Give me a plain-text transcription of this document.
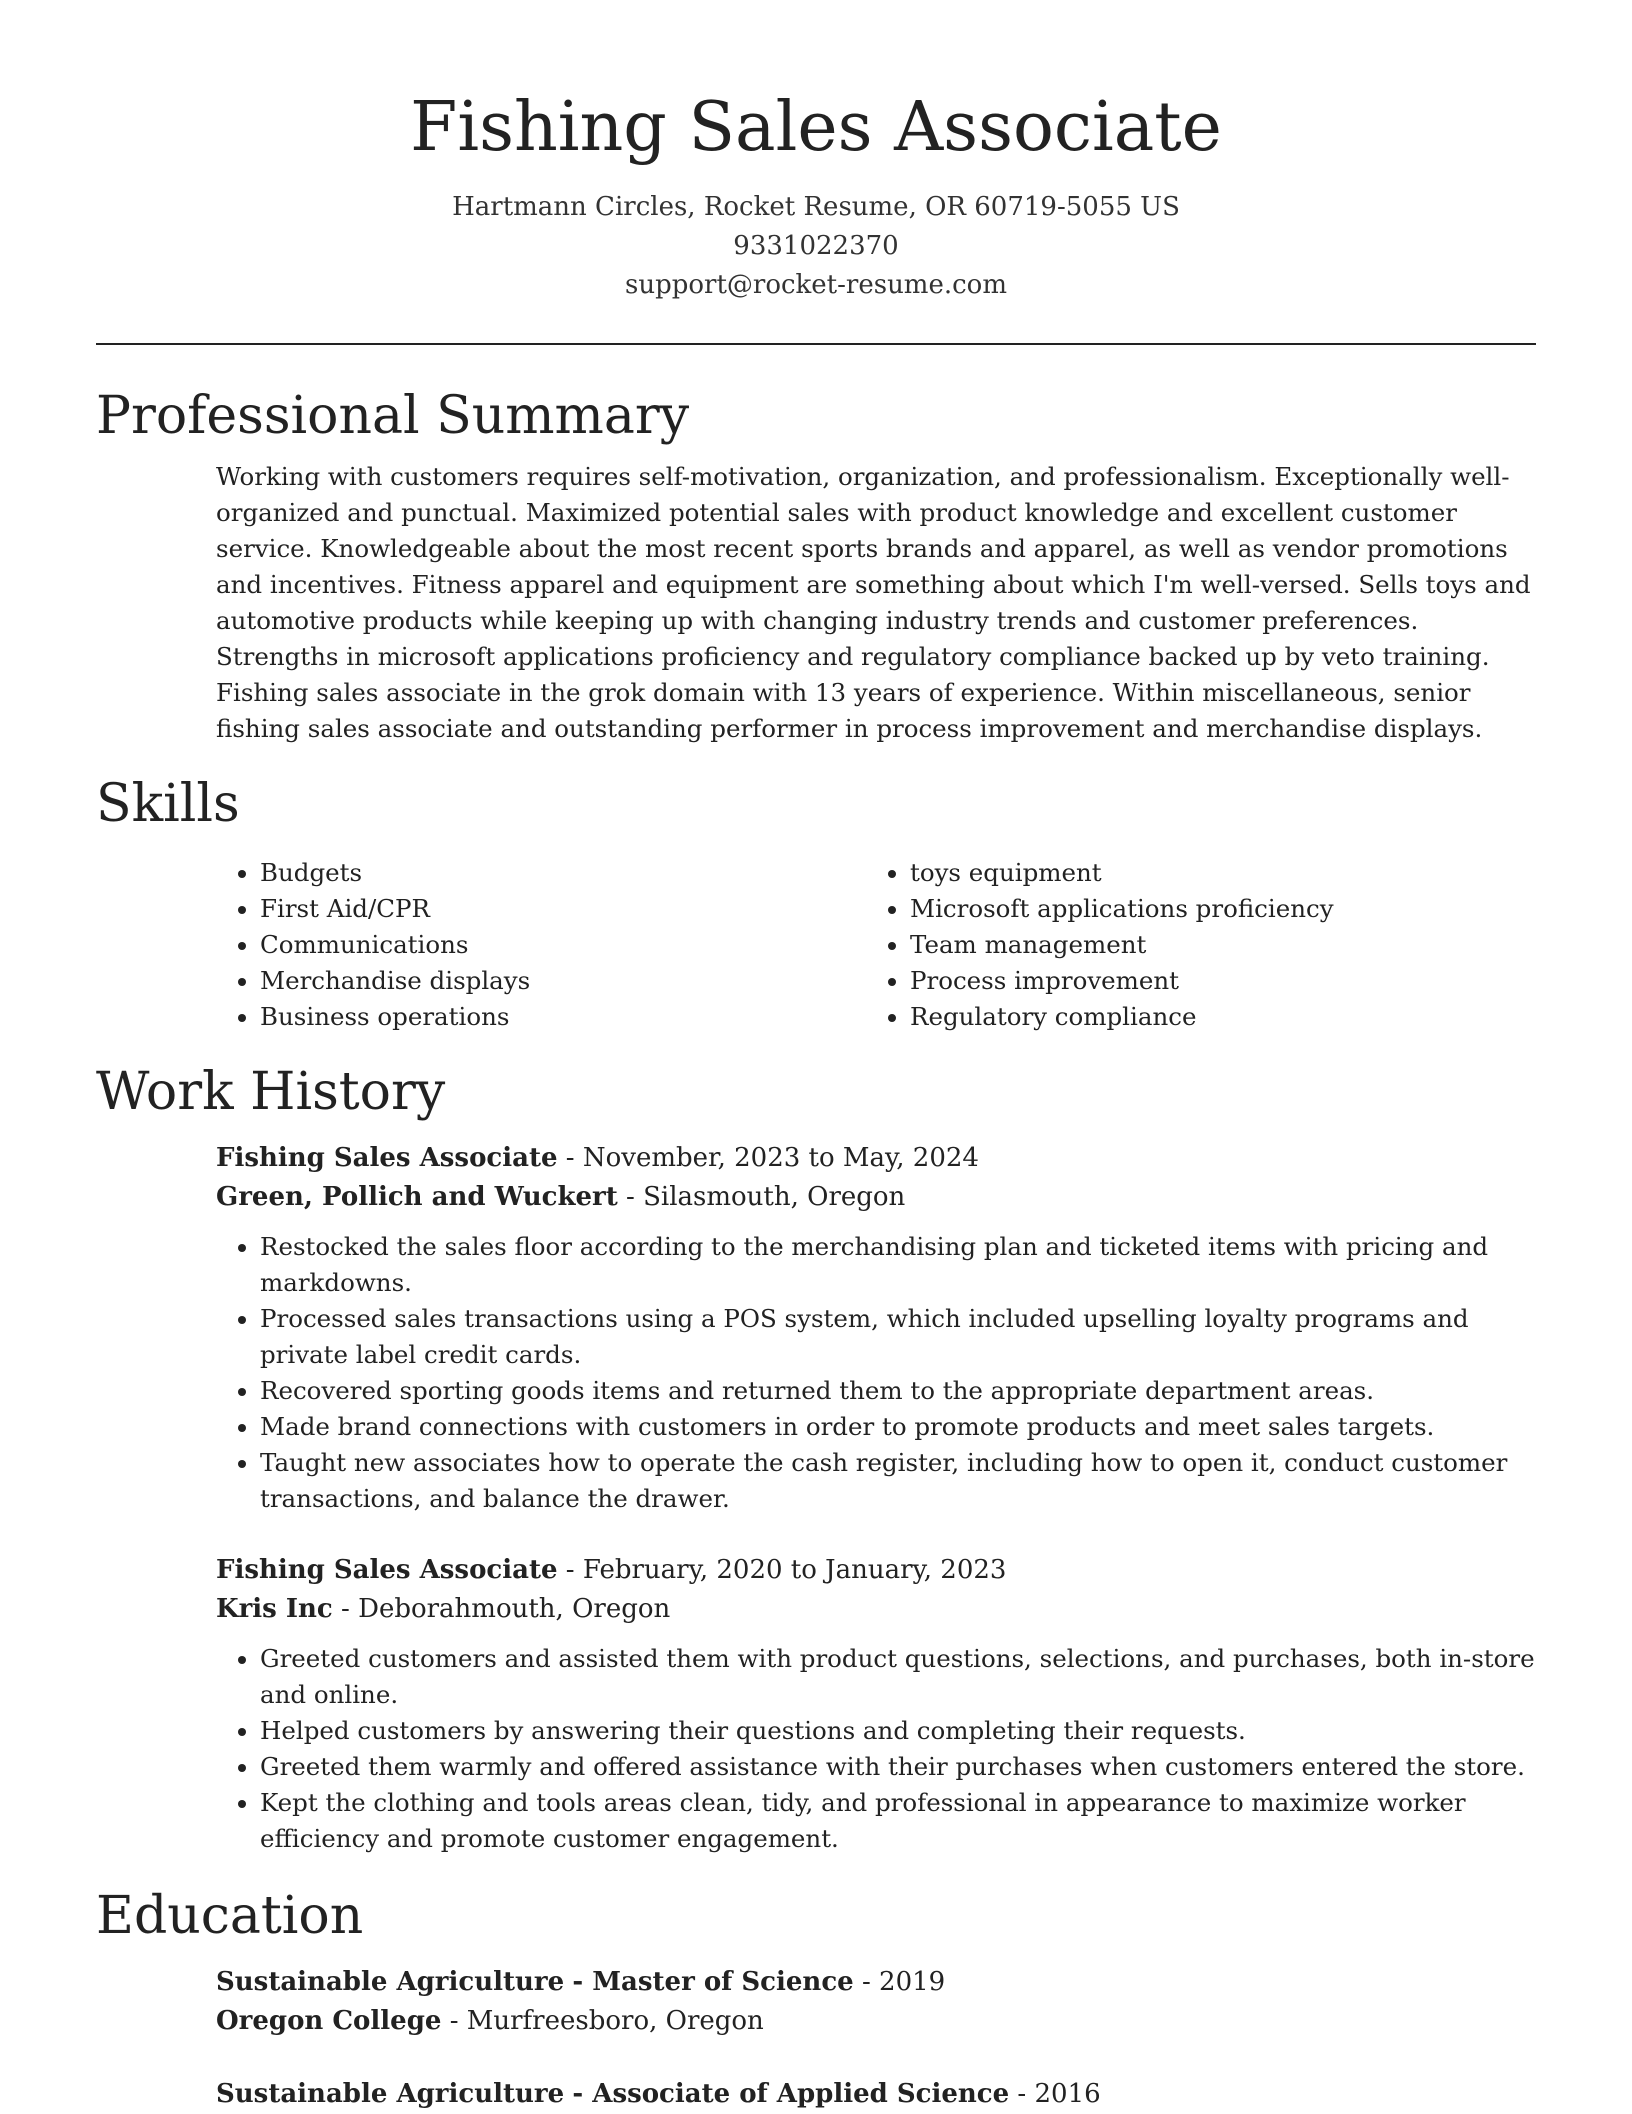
Fishing Sales Associate
Hartmann Circles, Rocket Resume, OR 60719-5055 US
9331022370
support@rocket-resume.com
Professional Summary

Working with customers requires self-motivation, organization, and professionalism. Exceptionally well-organized and punctual. Maximized potential sales with product knowledge and excellent customer service. Knowledgeable about the most recent sports brands and apparel, as well as vendor promotions and incentives. Fitness apparel and equipment are something about which I'm well-versed. Sells toys and automotive products while keeping up with changing industry trends and customer preferences. Strengths in microsoft applications proficiency and regulatory compliance backed up by veto training. Fishing sales associate in the grok domain with 13 years of experience. Within miscellaneous, senior fishing sales associate and outstanding performer in process improvement and merchandise displays.

Skills
• Budgets
• First Aid/CPR
• Communications
• Merchandise displays
• Business operations
• toys equipment
• Microsoft applications proficiency
• Team management
• Process improvement
• Regulatory compliance
Work History
Fishing Sales Associate - November, 2023 to May, 2024
Green, Pollich and Wuckert - Silasmouth, Oregon
• Restocked the sales floor according to the merchandising plan and ticketed items with pricing and markdowns.
• Processed sales transactions using a POS system, which included upselling loyalty programs and private label credit cards.
• Recovered sporting goods items and returned them to the appropriate department areas.
• Made brand connections with customers in order to promote products and meet sales targets.
• Taught new associates how to operate the cash register, including how to open it, conduct customer transactions, and balance the drawer.
Fishing Sales Associate - February, 2020 to January, 2023
Kris Inc - Deborahmouth, Oregon
• Greeted customers and assisted them with product questions, selections, and purchases, both in-store and online.
• Helped customers by answering their questions and completing their requests.
• Greeted them warmly and offered assistance with their purchases when customers entered the store.
• Kept the clothing and tools areas clean, tidy, and professional in appearance to maximize worker efficiency and promote customer engagement.
Education
Sustainable Agriculture - Master of Science - 2019
Oregon College - Murfreesboro, Oregon
Sustainable Agriculture - Associate of Applied Science - 2016
